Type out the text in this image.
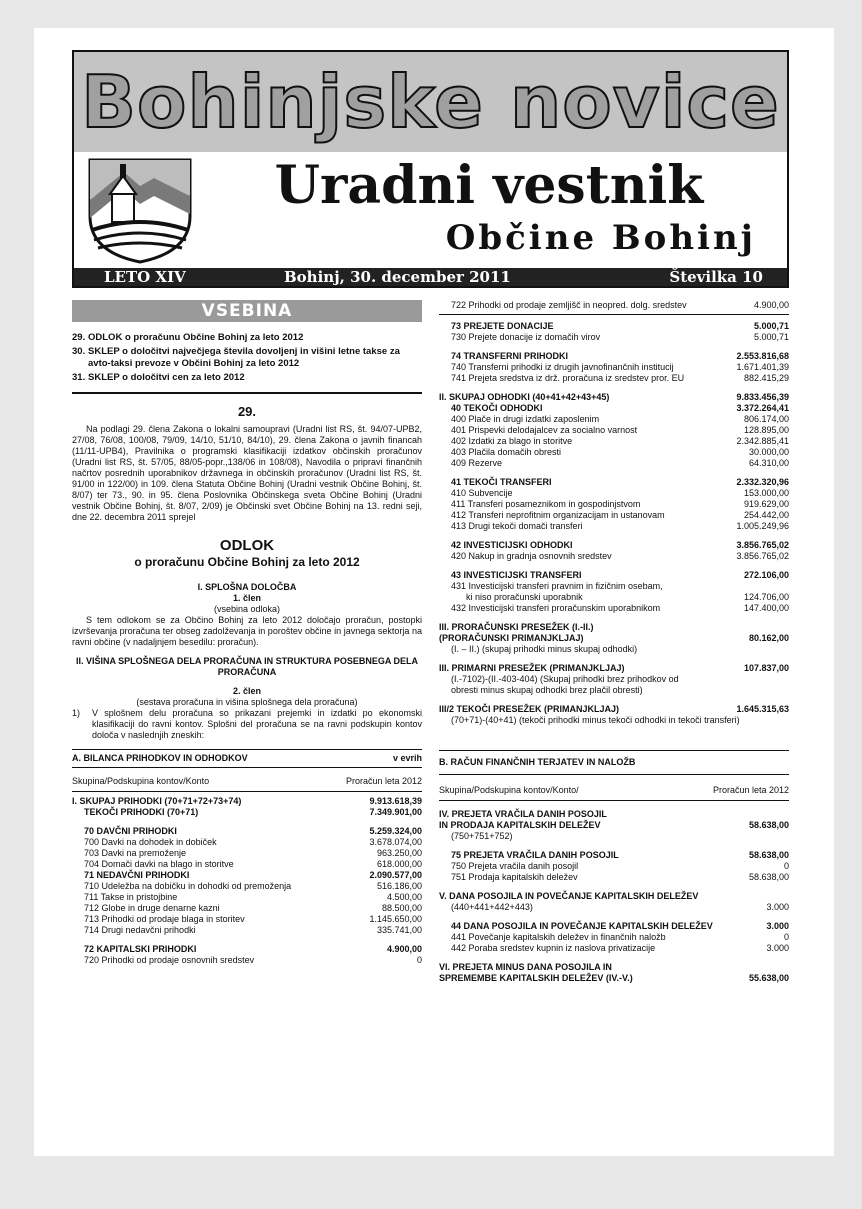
Bohinjske novice
Uradni vestnik
Občine Bohinj
LETO XIV	Bohinj, 30. december 2011	Številka 10
VSEBINA
29. ODLOK o proračunu Občine Bohinj za leto 2012
30. SKLEP o določitvi največjega števila dovoljenj in višini letne takse za avto-taksi prevoze v Občini Bohinj za leto 2012
31. SKLEP o določitvi cen za leto 2012
29.

Na podlagi 29. člena Zakona o lokalni samoupravi (Uradni list RS, št. 94/07-UPB2, 27/08, 76/08, 100/08, 79/09, 14/10, 51/10, 84/10), 29. člena Zakona o javnih financah (11/11-UPB4), Pravilnika o programski klasifikaciji izdatkov občinskih proračunov (Uradni list RS, št. 57/05, 88/05-popr.,138/06 in 108/08), Navodila o pripravi finančnih načrtov posrednih uporabnikov državnega in občinskih proračunov (Uradni list RS, št. 91/00 in 122/00) in 109. člena Statuta Občine Bohinj (Uradni vestnik Občine Bohinj, št. 8/07) ter 73., 90. in 95. člena Poslovnika Občinskega sveta Občine Bohinj (Uradni vestnik Občine Bohinj, št. 8/07, 2/09) je Občinski svet Občine Bohinj na 13. redni seji, dne 22. decembra 2011 sprejel

ODLOK
o proračunu Občine Bohinj za leto 2012
I. SPLOŠNA DOLOČBA
1. člen
(vsebina odloka)

S tem odlokom se za Občino Bohinj za leto 2012 določajo proračun, postopki izvrševanja proračuna ter obseg zadolževanja in poroštev občine in javnega sektorja na ravni občine (v nadaljnjem besedilu: proračun).

II. VIŠINA SPLOŠNEGA DELA PRORAČUNA IN STRUKTURA POSEBNEGA DELA PRORAČUNA
2. člen
(sestava proračuna in višina splošnega dela proračuna)
1)	V splošnem delu proračuna so prikazani prejemki in izdatki po ekonomski klasifikaciji do ravni kontov. Splošni del proračuna se na ravni podskupin kontov določa v naslednjih zneskih:
A. BILANCA PRIHODKOV IN ODHODKOV	v evrih
Skupina/Podskupina kontov/Konto	Proračun leta 2012
I. SKUPAJ PRIHODKI (70+71+72+73+74)	9.913.618,39
TEKOČI PRIHODKI (70+71)	7.349.901,00
70 DAVČNI PRIHODKI	5.259.324,00
700 Davki na dohodek in dobiček	3.678.074,00
703 Davki na premoženje	963.250,00
704 Domači davki na blago in storitve	618.000,00
71 NEDAVČNI PRIHODKI	2.090.577,00
710 Udeležba na dobičku in dohodki od premoženja	516.186,00
711 Takse in pristojbine	4.500,00
712 Globe in druge denarne kazni	88.500,00
713 Prihodki od prodaje blaga in storitev	1.145.650,00
714 Drugi nedavčni prihodki	335.741,00
72 KAPITALSKI PRIHODKI	4.900,00
720 Prihodki od prodaje osnovnih sredstev	0
722 Prihodki od prodaje zemljišč in neopred. dolg. sredstev	4.900,00
73 PREJETE DONACIJE	5.000,71
730 Prejete donacije iz domačih virov	5.000,71
74 TRANSFERNI PRIHODKI	2.553.816,68
740 Transferni prihodki iz drugih javnofinančnih institucij	1.671.401,39
741 Prejeta sredstva iz drž. proračuna iz sredstev pror. EU	882.415,29
II. SKUPAJ ODHODKI (40+41+42+43+45)	9.833.456,39
40 TEKOČI ODHODKI	3.372.264,41
400 Plače in drugi izdatki zaposlenim	806.174,00
401 Prispevki delodajalcev za socialno varnost	128.895,00
402 Izdatki za blago in storitve	2.342.885,41
403 Plačila domačih obresti	30.000,00
409 Rezerve	64.310,00
41 TEKOČI TRANSFERI	2.332.320,96
410 Subvencije	153.000,00
411 Transferi posameznikom in gospodinjstvom	919.629,00
412 Transferi neprofitnim organizacijam in ustanovam	254.442,00
413 Drugi tekoči domači transferi	1.005.249,96
42 INVESTICIJSKI ODHODKI	3.856.765,02
420 Nakup in gradnja osnovnih sredstev	3.856.765,02
43 INVESTICIJSKI TRANSFERI	272.106,00
431 Investicijski transferi pravnim in fizičnim osebam,
ki niso proračunski uporabnik	124.706,00
432 Investicijski transferi proračunskim uporabnikom	147.400,00
III. PRORAČUNSKI PRESEŽEK (I.-II.)
(PRORAČUNSKI PRIMANJKLJAJ)	80.162,00
(I. – II.) (skupaj prihodki minus skupaj odhodki)
III. PRIMARNI PRESEŽEK (PRIMANJKLJAJ)	107.837,00
(I.-7102)-(II.-403-404) (Skupaj prihodki brez prihodkov od
obresti minus skupaj odhodki brez plačil obresti)
III/2 TEKOČI PRESEŽEK (PRIMANJKLJAJ)	1.645.315,63
(70+71)-(40+41) (tekoči prihodki minus tekoči odhodki in tekoči transferi)
B. RAČUN FINANČNIH TERJATEV IN NALOŽB
Skupina/Podskupina kontov/Konto/	Proračun leta 2012
IV. PREJETA VRAČILA DANIH POSOJIL
IN PRODAJA KAPITALSKIH DELEŽEV	58.638,00
(750+751+752)
75 PREJETA VRAČILA DANIH POSOJIL	58.638,00
750 Prejeta vračila danih posojil	0
751 Prodaja kapitalskih deležev	58.638,00
V. DANA POSOJILA IN POVEČANJE KAPITALSKIH DELEŽEV
(440+441+442+443)	3.000
44 DANA POSOJILA IN POVEČANJE KAPITALSKIH DELEŽEV	3.000
441 Povečanje kapitalskih deležev in finančnih naložb	0
442 Poraba sredstev kupnin iz naslova privatizacije	3.000
VI. PREJETA MINUS DANA POSOJILA IN
SPREMEMBE KAPITALSKIH DELEŽEV (IV.-V.)	55.638,00
